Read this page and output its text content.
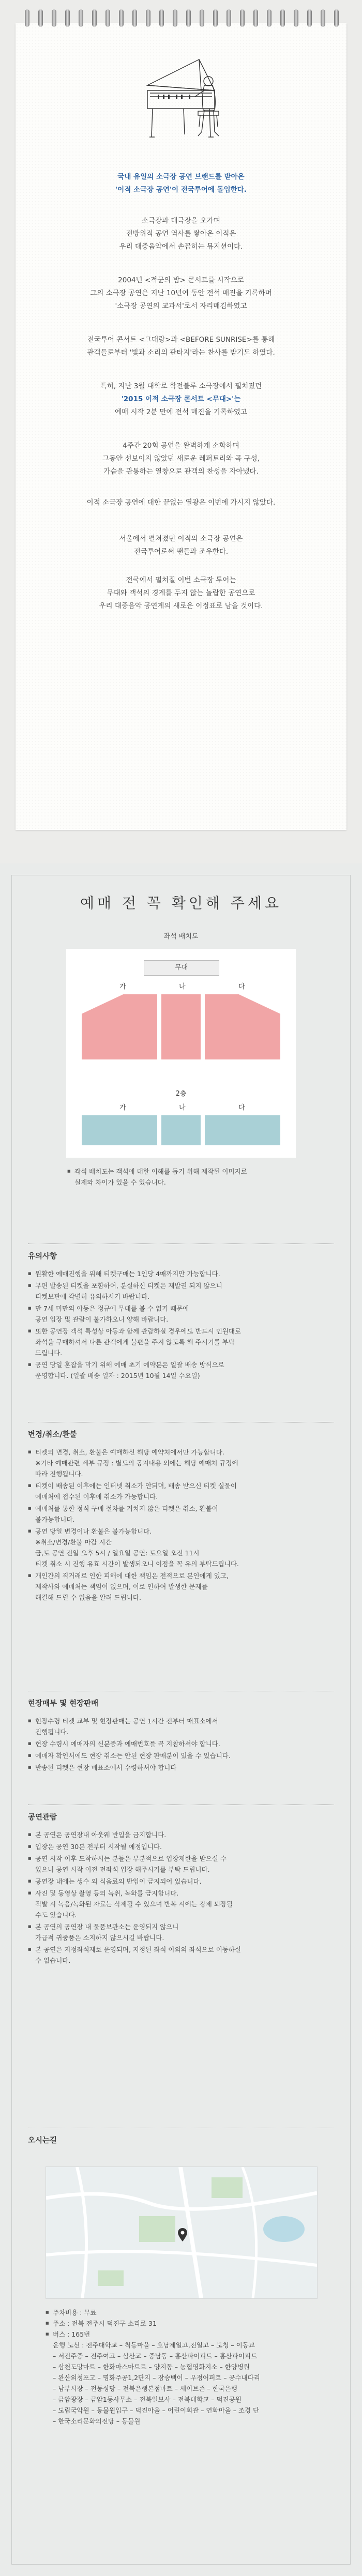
국내 유일의 소극장 공연 브랜드를 받아온
'이적 소극장 공연'이 전국투어에 돌입한다.
소극장과 대극장을 오가며
전방위적 공연 역사를 쌓아온 이적은
우리 대중음악에서 손꼽히는 뮤지션이다.
2004년 <적군의 밤> 콘서트를 시작으로
그의 소극장 공연은 지난 10년여 동안 전석 매진을 기록하며
'소극장 공연의 교과서'로서 자리매김하였고
전국투어 콘서트 <그대랑>과 <BEFORE SUNRISE>를 통해
관객들로부터 '빛과 소리의 판타지'라는 찬사를 받기도 하였다.
특히, 지난 3월 대학로 학전블루 소극장에서 펼쳐졌던
'2015 이적 소극장 콘서트 <무대>'는
예매 시작 2분 만에 전석 매진을 기록하였고
4주간 20회 공연을 완벽하게 소화하며
그동안 선보이지 않았던 새로운 레퍼토리와 곡 구성,
가슴을 관통하는 열창으로 관객의 찬성을 자아냈다.
이적 소극장 공연에 대한 끝없는 열광은 이번에 가시지 않았다.
서울에서 펼쳐졌던 이적의 소극장 공연은
전국투어로써 팬들과 조우한다.
전국에서 펼쳐질 이번 소극장 투어는
무대와 객석의 경계를 두지 않는 놀랍한 공연으로
우리 대중음악 공연계의 새로운 이정표로 남을 것이다.
예매 전 꼭 확인해 주세요
좌석 배치도
무대
가	나	다
2층
가	나	다
■ 좌석 배치도는 객석에 대한 이해를 돕기 위해 제작된 이미지로
실제와 차이가 있을 수 있습니다.
유의사항
■ 원활한 예매진행을 위해 티켓구매는 1인당 4매까지만 가능합니다.
■ 무편 발송된 티켓을 포함하여, 분실하신 티켓은 재발권 되지 않으니
티켓보관에 각별히 유의하시기 바랍니다.
■ 만 7세 미만의 아동은 정규에 무대를 볼 수 없기 때문에
공연 입장 및 관람이 불가하오니 양해 바랍니다.
■ 또한 공연장 객석 특성상 아동과 함께 관람하실 경우에도 반드시 인원대로
좌석을 구매하셔서 다른 관객에게 불편을 주지 않도록 해 주시기를 부탁
드립니다.
■ 공연 당일 혼잡을 막기 위해 예매 초기 예약분은 일괄 배송 방식으로
운영합니다. (일괄 배송 일자 : 2015년 10월 14일 수요일)
변경/취소/환불
■ 티켓의 변경, 취소, 환불은 예매하신 해당 예약처에서만 가능합니다.
※기타 예매관련 세부 규정 : 별도의 공지내용 외에는 해당 예매처 규정에
따라 진행됩니다.
■ 티켓이 배송된 이후에는 인터넷 취소가 안되며, 배송 받으신 티켓 실물이
예매처에 접수된 이후에 취소가 가능합니다.
■ 예매처를 통한 정식 구매 절차를 거치지 않은 티켓은 취소, 환불이
불가능합니다.
■ 공연 당일 변경이나 환불은 불가능합니다.
※취소/변경/환불 마감 시간
금,토 공연 전일 오후 5시 / 일요일 공연: 토요일 오전 11시
티켓 취소 시 진행 유효 시간이 발생되오니 이점을 꼭 유의 부탁드립니다.
■ 개인간의 직거래로 인한 피해에 대한 책임은 전적으로 본인에게 있고,
제작사와 예매처는 책임이 없으며, 이로 인하여 발생한 문제를
해결해 드릴 수 없음을 알려 드립니다.
현장매부 및 현장판매
■ 현장수령 티켓 교부 및 현장판매는 공연 1시간 전부터 매표소에서
진행됩니다.
■ 현장 수령시 예매자의 신분증과 예매번호를 꼭 지참하셔야 합니다.
■ 예매자 확인서에도 현장 취소는 안된 현장 판매분이 있을 수 있습니다.
■ 반송된 티켓은 현장 매표소에서 수령하셔야 합니다
공연관람
■ 본 공연은 공연장내 아웃웨 반입을 금지합니다.
■ 입장은 공연 30분 전부터 시작될 예정입니다.
■ 공연 시작 이후 도착하시는 분들은 부분적으로 입장제한을 받으실 수
있으니 공연 시작 이전 전좌석 입장 해주시기를 부탁 드립니다.
■ 공연장 내에는 생수 외 식음료의 반입이 금지되어 있습니다.
■ 사진 및 동영상 촬영 등의 녹취, 녹화를 금지합니다.
적발 시 녹음/녹화된 자료는 삭제될 수 있으며 반복 시에는 강제 퇴장될
수도 있습니다.
■ 본 공연의 공연장 내 물품보관소는 운영되지 않으니
가급적 귀중품은 소지하지 않으시길 바랍니다.
■ 본 공연은 지정좌석제로 운영되며, 지정된 좌석 이외의 좌석으로 이동하실
수 없습니다.
오시는길
■ 주차비용 : 무료
■ 주소 : 전북 전주시 덕진구 소리로 31
■ 버스 : 165번
운행 노선 : 전주대학교 – 척동마을 – 호남제일고,전일고 – 도청 – 이동교
– 서전주중 – 전주여고 – 삼산교 – 중남동 – 홍산파이피트 – 홍산파이피트
– 삼천도망마트 – 한화마스마트트 – 양지동 – 농협영화지소 – 한양병원
– 완산외청포고 – 명화주공1,2단지 – 장승백이 – 우정어퍼트 – 공수내다리
– 남부시장 – 전동성당 – 전북은행본점마트 – 세이브존 – 한국은행
– 금암광장 – 금암1동사무소 – 전북일보사 – 전북대학교 – 덕진공원
– 도립국악원 – 동물원입구 – 덕진아울 – 어린이회관 – 연화마을 – 조경 단
– 한국소리문화의전당 – 동물원
